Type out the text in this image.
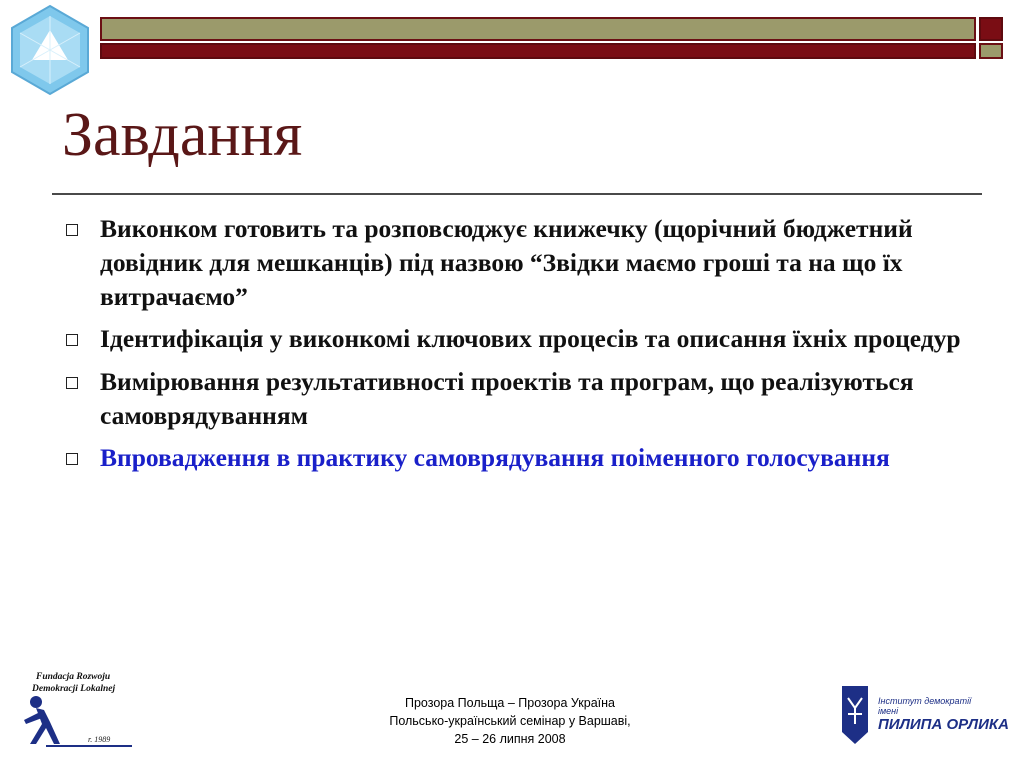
Завдання
Виконком готовить та розповсюджує книжечку (щорічний бюджетний довідник для мешканців) під назвою “Звідки маємо гроші та на що їх витрачаємо”
Ідентифікація у виконкомі ключових процесів та описання їхніх процедур
Вимірювання результативності проектів та програм, що реалізуються самоврядуванням
Впровадження в практику самоврядування поіменного голосування
Fundacja Rozwoju
Demokracji Lokalnej
r. 1989
Прозора Польща – Прозора Україна
Польсько-український семінар у Варшаві,
25 – 26 липня 2008
Інститут демократії
імені
ПИЛИПА ОРЛИКА
